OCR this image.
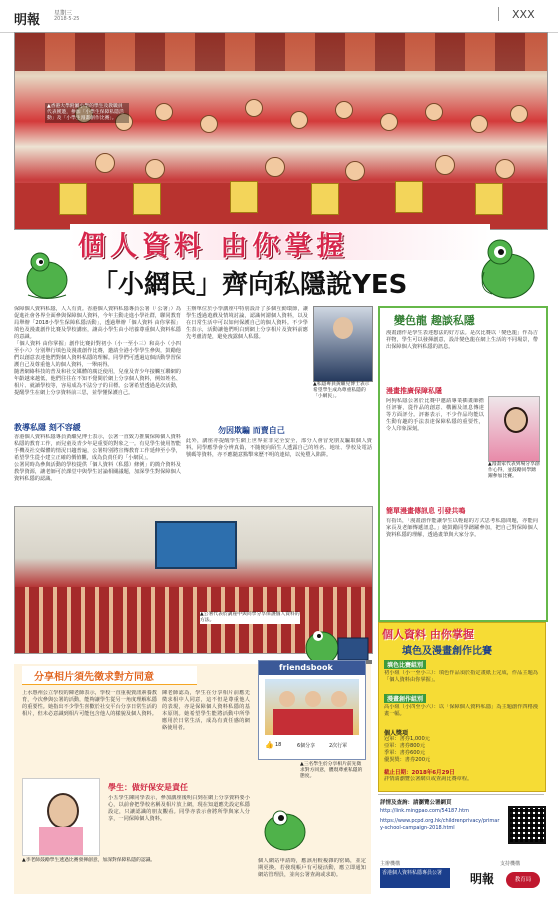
明報 星期三
2018·5·25	XXX
▲香港大學附屬小學的學生及教職員代表獲邀，參加「小學生保障私隱活動」及「小學生漫畫創作比賽」。
個人資料 由你掌握
「小網民」齊向私隱說YES
保障個人資料私隱，人人有責。香港個人資料私隱專員公署（「公署」）為促進社會各界全面參與保障個人資料，今年主動走進小學社群，聯同教育局舉辦「2018小學生保障私隱活動」，透過舉辦「個人資料 由你掌握」填色及漫畫創作比賽及學校講座，讓高小學生由小培養尊重個人資料私隱的意識。
「個人資料 由你掌握」創作比賽針對初小（小一至小三）和高小（小四至小六）分別舉行填色及漫畫創作比賽，邀請全港小學學生參與，鼓勵他們以創意表達他們對個人資料私隱的理解。同學們可透過這個活動學習保護自己及尊重他人的個人資料，一舉兩得。
隨著網絡科技的普及和社交媒體的廣泛使用，兒童及青少年接觸互聯網的年齡越來越低，他們往往在不知不覺間於網上分享個人資料，例如姓名、相片、就讀學校等，容易成為不法分子的目標。公署希望透過是次活動，提醒學生在網上分享資料前三思，並學懂保護自己。
教導私隱 刻不容緩
香港個人資料私隱專員黃繼兒博士表示，公署一直致力推廣保障個人資料私隱的教育工作，而兒童及青少年是重要的對象之一。有見學生使用智能手機及社交媒體的情況日趨普遍，公署特別將宣傳教育工作延伸至小學，希望學生從小建立正確的價值觀，成為負責任的「小網民」。
公署同時為參與活動的學校提供「個人資料（私隱）條例」的簡介資料及教學資源，讓老師可於課堂中與學生討論相關議題，加深學生對保障個人資料私隱的認識。
主辦單位於小學講座中特別設計了多個互動環節，讓學生透過遊戲及情境討論，認識何謂個人資料，以及在日常生活中可以如何保護自己的個人資料。不少學生表示，活動讓他們明白到網上分享相片及資料前應先考慮清楚，避免洩露個人私隱。
▲私隱專員黃繼兒博士表示希望學生成為尊重私隱的「小網民」。
勿因欺騙 而賣自己
此外，講座亦提醒學生網上世界並非完全安全，部分人會冒充朋友騙取個人資料。同學應學會分辨真偽，不隨便向陌生人透露自己的姓名、地址、學校及電話號碼等資料，亦不應隨意點擊來歷不明的連結，以免墮入陷阱。
▲公署代表於講座中與同學分享保護個人資料的方法。
分享相片須先徵求對方同意
上水惠州公立學校的陳老師表示，學校一直重視資訊素養教育，今次參與公署的活動，能夠讓學生從另一角度理解私隱的重要性。她指出不少學生喜歡於社交平台分享日常生活的相片，但未必意識到相片可能包含他人的樣貌及個人資料。
陳老師認為，學生在分享相片前應先徵求相中人同意，這不但是尊重他人的表現，亦是保障個人資料私隱的基本原則。她希望學生能將活動中所學應用於日常生活，成為有責任感的網絡使用者。
▲李老師鼓勵學生透過比賽發揮創意，加深對保障私隱的認識。
學生：做好保安是責任
小五學生陳同學表示，參加講座後明白到在網上分享資料要小心，以前會把學校名稱及相片放上網，現在知道應先設定私隱設定，只讓認識的朋友觀看。同學亦表示會將所學與家人分享，一同保障個人資料。
friendsbook
👍 18	6個分享	2次行軍
▲三名學生於分享相片前先徵求對方同意，體現尊重私隱的態度。
變色龍 趣談私隱
漫畫創作是學生表達想法的好方法。是次比賽以「變色龍」作為吉祥物，學生可以發揮創意，設計變色龍在網上生活的不同場景，帶出保障個人資料私隱的訊息。
漫畫推廣保障私隱
阿狗私隱公署於比賽中邀請專業插畫師擔任評審，從作品的創意、構圖及訊息傳達等方面評分。評審表示，不少作品均能以生動有趣的手法表達保障私隱的重要性，令人印象深刻。
▲漫畫家代表到場分享創作心得，並鼓勵同學踴躍參加比賽。
簡單漫畫傳訊息 引發共鳴
有指出，「漫畫創作能讓學生以輕鬆的方式思考私隱問題，亦能向家長及老師傳遞訊息。」她鼓勵同學踴躍參加，把自己對保障個人資料私隱的理解，透過畫筆與大家分享。
個人資料 由你掌握
填色及漫畫創作比賽
填色比賽組別
初小組（小一至小三）：填色作品須於指定畫紙上完成，作品主題為「個人資料由你掌握」。
漫畫創作組別
高小組（小四至小六）：以「保障個人資料私隱」為主題創作四格漫畫一幅。
個人獎項
冠軍：書券1,000元
亞軍：書券800元
季軍：書券600元
優異獎：書券200元
截止日期：2018年6月29日
詳情請瀏覽公署網頁或查詢比賽章程。
個人網站申請時，應該用較複雜的密碼，並定期更換。若發現帳戶有可疑活動，應立即通知網站管理員，並向公署查詢或求助。
詳情及查詢：請瀏覽公署網頁
http://link.mingpao.com/54187.htm
https://www.pcpd.org.hk/childrenprivacy/primary-school-campaign-2018.html
主辦機構
香港個人資料私隱專員公署
支持機構
明報	教育局
